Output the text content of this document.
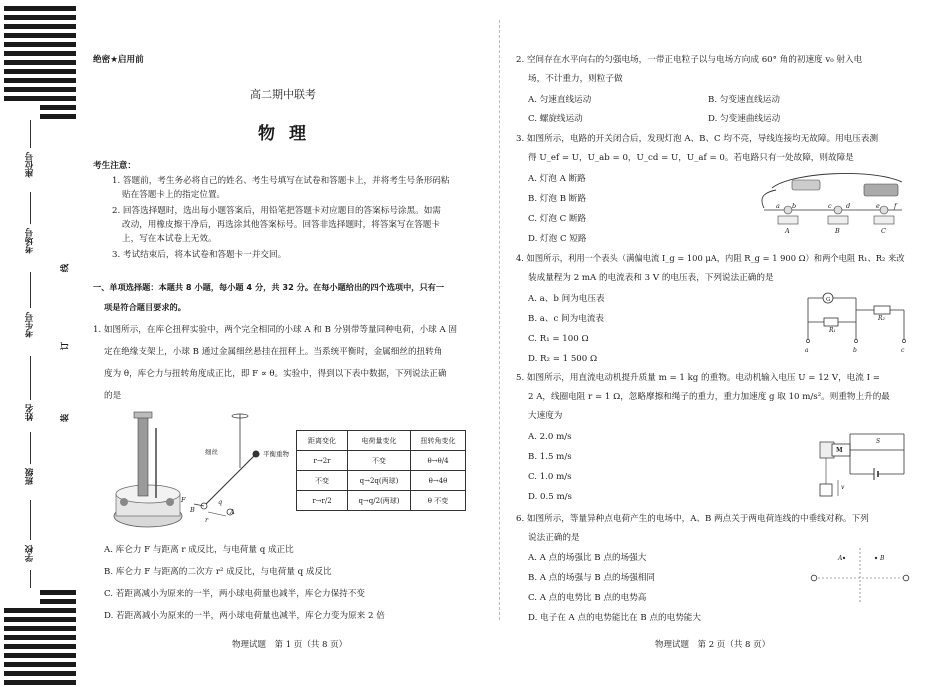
座位号
考场号
考生号
姓名
班级
学校
线
订
装
绝密★启用前
高二期中联考
物理
考生注意：
1. 答题前，考生务必将自己的姓名、考生号填写在试卷和答题卡上，并将考生号条形码粘
贴在答题卡上的指定位置。
2. 回答选择题时，选出每小题答案后，用铅笔把答题卡对应题目的答案标号涂黑。如需
改动，用橡皮擦干净后，再选涂其他答案标号。回答非选择题时，将答案写在答题卡
上，写在本试卷上无效。
3. 考试结束后，将本试卷和答题卡一并交回。
一、单项选择题：本题共 8 小题，每小题 4 分，共 32 分。在每小题给出的四个选项中，只有一
项是符合题目要求的。
1. 如图所示，在库仑扭秤实验中，两个完全相同的小球 A 和 B 分别带等量同种电荷，小球 A 固
定在绝缘支架上，小球 B 通过金属细丝悬挂在扭秤上。当系统平衡时，金属细丝的扭转角
度为 θ，库仑力与扭转角度成正比，即 F ∝ θ。实验中，得到以下表中数据，下列说法正确
的是
细丝	平衡重物
F
B
r
q
A
距离变化	电荷量变化	扭转角变化
r→2r	不变	θ→θ/4
不变	q→2q(两球)	θ→4θ
r→r/2	q→q/2(两球)	θ 不变
A. 库仑力 F 与距离 r 成反比，与电荷量 q 成正比
B. 库仑力 F 与距离的二次方 r² 成反比，与电荷量 q 成反比
C. 若距离减小为原来的一半，两小球电荷量也减半，库仑力保持不变
D. 若距离减小为原来的一半，两小球电荷量也减半，库仑力变为原来 2 倍
物理试题　第 1 页（共 8 页）
2. 空间存在水平向右的匀强电场，一带正电粒子以与电场方向成 60° 角的初速度 v₀ 射入电
场，不计重力，则粒子做
A. 匀速直线运动	B. 匀变速直线运动
C. 螺旋线运动	D. 匀变速曲线运动
3. 如图所示，电路的开关闭合后，发现灯泡 A、B、C 均不亮，导线连接均无故障。用电压表测
得 U_ef = U，U_ab = 0，U_cd = U，U_af = 0。若电路只有一处故障，则故障是
A. 灯泡 A 断路
B. 灯泡 B 断路
C. 灯泡 C 断路
D. 灯泡 C 短路
a b	c d	e f
A	B	C
4. 如图所示，利用一个表头（满偏电流 I_g = 100 μA，内阻 R_g = 1 900 Ω）和两个电阻 R₁、R₂ 来改
装成量程为 2 mA 的电流表和 3 V 的电压表，下列说法正确的是
A. a、b 间为电压表
B. a、c 间为电流表
C. R₁ = 100 Ω
D. R₂ = 1 500 Ω
G
R₁
R₂
a	b	c
5. 如图所示，用直流电动机提升质量 m = 1 kg 的重物。电动机输入电压 U = 12 V，电流 I =
2 A，线圈电阻 r = 1 Ω，忽略摩擦和绳子的重力，重力加速度 g 取 10 m/s²。则重物上升的最
大速度为
A. 2.0 m/s
B. 1.5 m/s
C. 1.0 m/s
D. 0.5 m/s
M
S
v
6. 如图所示，等量异种点电荷产生的电场中，A、B 两点关于两电荷连线的中垂线对称。下列
说法正确的是
A. A 点的场强比 B 点的场强大
B. A 点的场强与 B 点的场强相同
C. A 点的电势比 B 点的电势高
D. 电子在 A 点的电势能比在 B 点的电势能大
A	B
物理试题　第 2 页（共 8 页）
